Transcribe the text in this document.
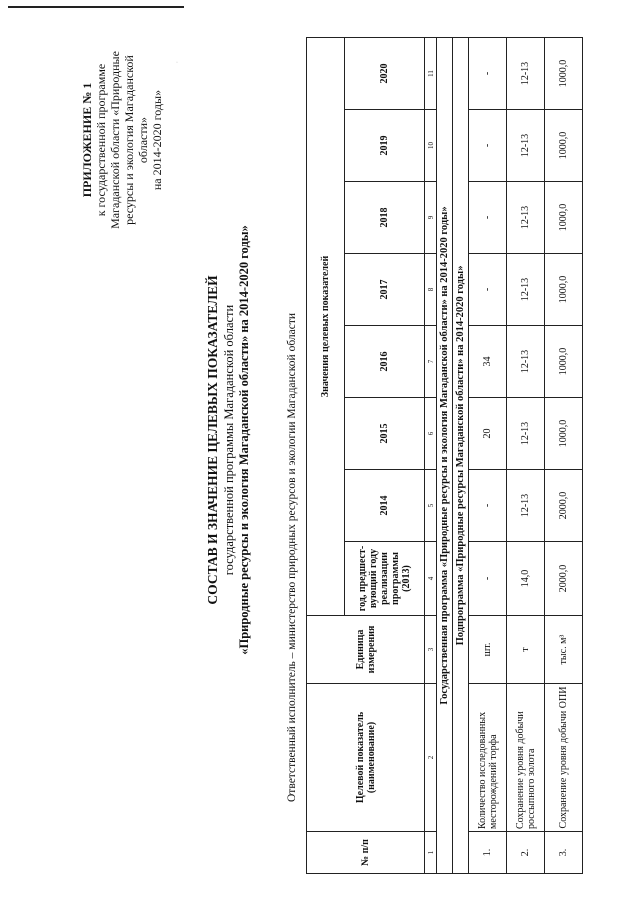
·
ПРИЛОЖЕНИЕ № 1 к государственной программе Магаданской области «Природные ресурсы и экология Магаданской области» на 2014-2020 годы»
СОСТАВ И ЗНАЧЕНИЕ ЦЕЛЕВЫХ ПОКАЗАТЕЛЕЙ государственной программы Магаданской области «Природные ресурсы и экология Магаданской области» на 2014-2020 годы»	Ответственный исполнитель – министерство природных ресурсов и экологии Магаданской области
№ п/п	Целевой показатель (наименование)	Единица измерения	Значения целевых показателей							
			год, предшест-вующий году реализации программы (2013)	2014	2015	2016	2017	2018	2019	2020
1	2	3	4	5	6	7	8	9	10	11
Государственная программа «Природные ресурсы и экология Магаданской области» на 2014-2020 годы»										
Подпрограмма «Природные ресурсы Магаданской области» на 2014-2020 годы»										
1.	Количество исследованных месторождений торфа	шт.	-	-	20	34	-	-	-	-
2.	Сохранение уровня добычи россыпного золота	т	14,0	12-13	12-13	12-13	12-13	12-13	12-13	12-13
3.	Сохранение уровня добычи ОПИ	тыс. м³	2000,0	2000,0	1000,0	1000,0	1000,0	1000,0	1000,0	1000,0
